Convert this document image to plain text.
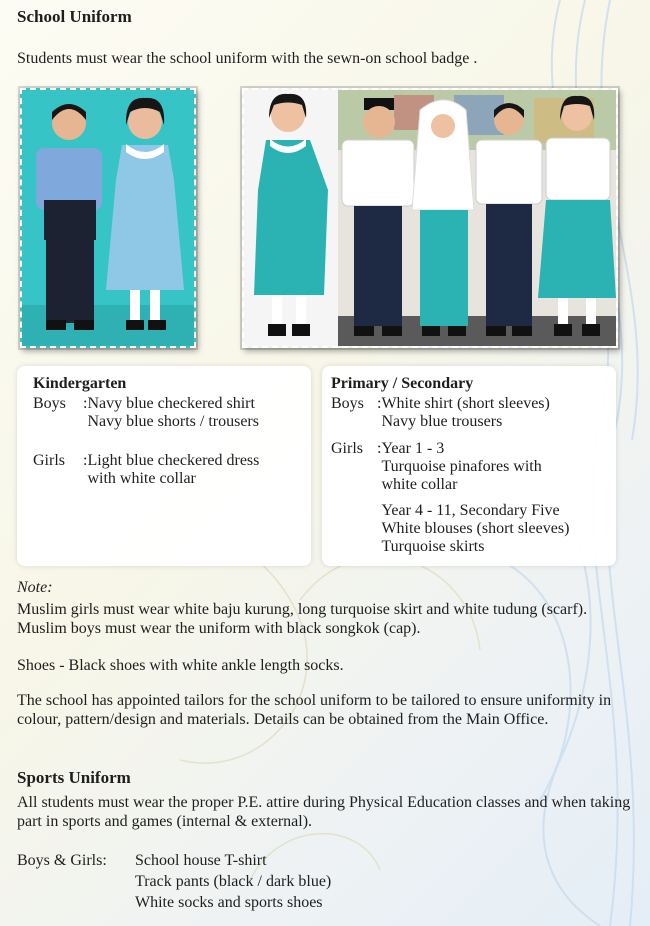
School Uniform
Students must wear the school uniform with the sewn-on school badge .
Kindergarten
Boys	:	Navy blue checkered shirt
Navy blue shorts / trousers
Girls	:	Light blue checkered dress
with white collar
Primary / Secondary
Boys	:	White shirt (short sleeves)
Navy blue trousers
Girls	:	Year 1 - 3
Turquoise pinafores with
white collar
Year 4 - 11, Secondary Five
White blouses (short sleeves)
Turquoise skirts
Note:
Muslim girls must wear white baju kurung, long turquoise skirt and white tudung (scarf). Muslim boys must wear the uniform with black songkok (cap).
Shoes - Black shoes with white ankle length socks.
The school has appointed tailors for the school uniform to be tailored to ensure uniformity in colour, pattern/design and materials. Details can be obtained from the Main Office.
Sports Uniform
All students must wear the proper P.E. attire during Physical Education classes and when taking part in sports and games (internal & external).
Boys & Girls:	School house T-shirt
Track pants (black / dark blue)
White socks and sports shoes
